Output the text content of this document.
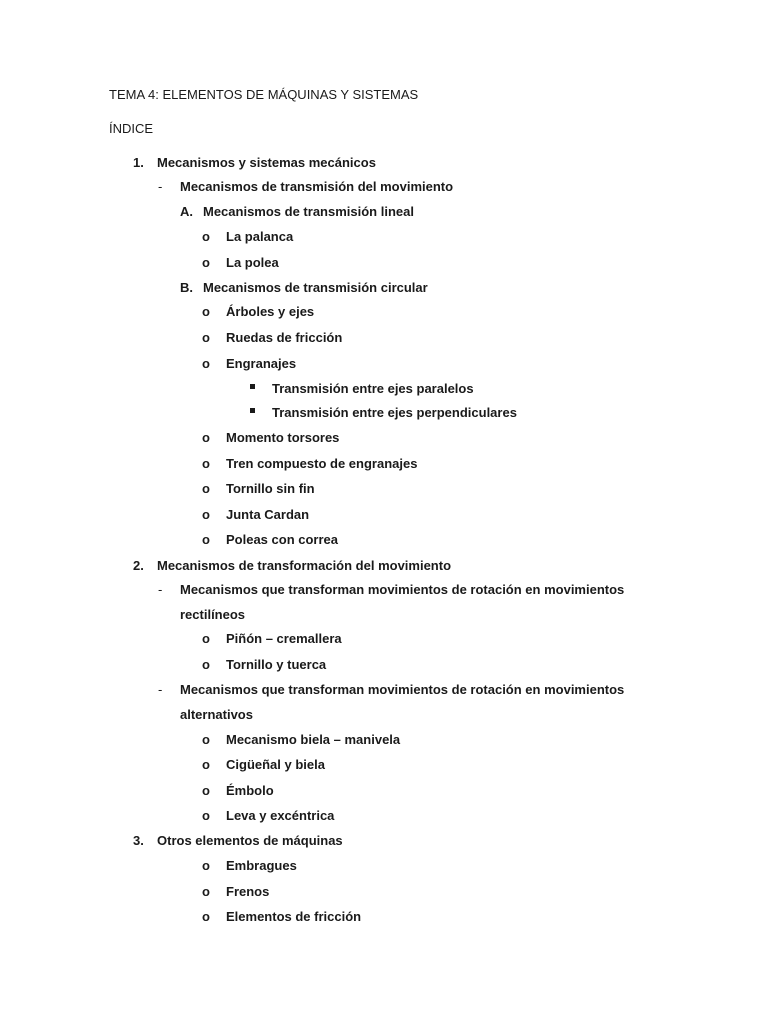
TEMA 4: ELEMENTOS DE MÁQUINAS Y SISTEMAS
ÍNDICE
1. Mecanismos y sistemas mecánicos
- Mecanismos de transmisión del movimiento
A. Mecanismos de transmisión lineal
o La palanca
o La polea
B. Mecanismos de transmisión circular
o Árboles y ejes
o Ruedas de fricción
o Engranajes
Transmisión entre ejes paralelos
Transmisión entre ejes perpendiculares
o Momento torsores
o Tren compuesto de engranajes
o Tornillo sin fin
o Junta Cardan
o Poleas con correa
2. Mecanismos de transformación del movimiento
- Mecanismos que transforman movimientos de rotación en movimientos
rectilíneos
o Piñón – cremallera
o Tornillo y tuerca
- Mecanismos que transforman movimientos de rotación en movimientos
alternativos
o Mecanismo biela – manivela
o Cigüeñal y biela
o Émbolo
o Leva y excéntrica
3. Otros elementos de máquinas
o Embragues
o Frenos
o Elementos de fricción
